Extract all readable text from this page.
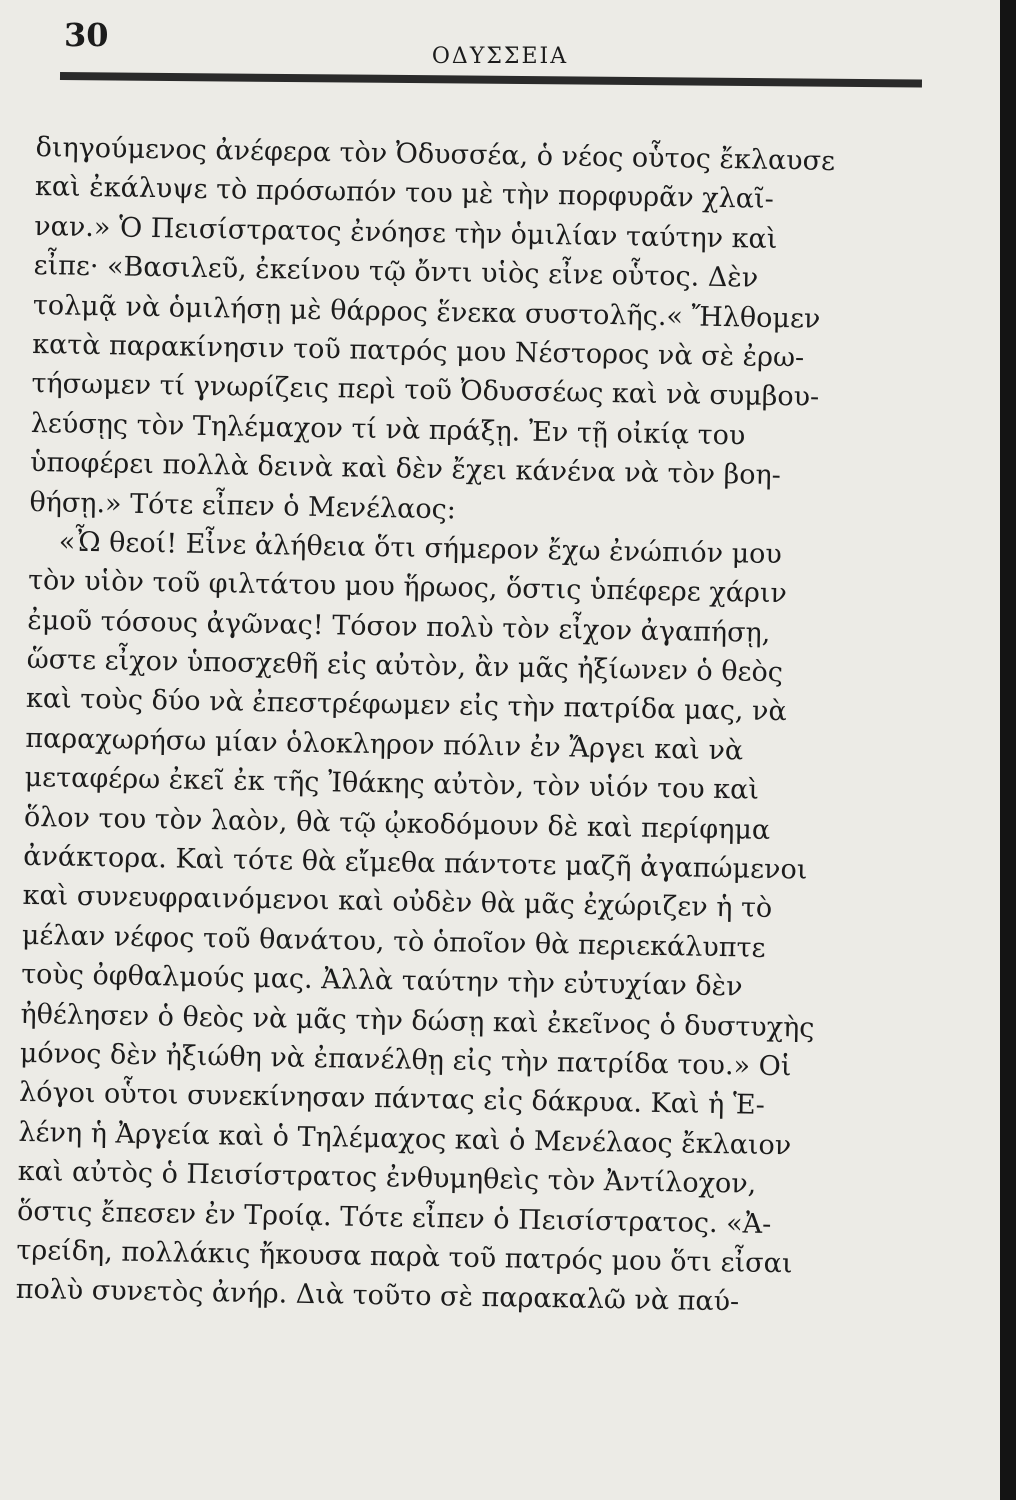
30
ΟΔΥΣΣΕΙΑ
διηγούμενος ἀνέφερα τὸν Ὀδυσσέα, ὁ νέος οὗτος ἔκλαυσε
καὶ ἐκάλυψε τὸ πρόσωπόν του μὲ τὴν πορφυρᾶν χλαῖ-
ναν.» Ὁ Πεισίστρατος ἐνόησε τὴν ὁμιλίαν ταύτην καὶ
εἶπε· «Βασιλεῦ, ἐκείνου τῷ ὄντι υἱὸς εἶνε οὗτος. Δὲν
τολμᾷ νὰ ὁμιλήσῃ μὲ θάρρος ἕνεκα συστολῆς.« Ἤλθομεν
κατὰ παρακίνησιν τοῦ πατρός μου Νέστορος νὰ σὲ ἐρω-
τήσωμεν τί γνωρίζεις περὶ τοῦ Ὀδυσσέως καὶ νὰ συμβου-
λεύσῃς τὸν Τηλέμαχον τί νὰ πράξῃ. Ἐν τῇ οἰκίᾳ του
ὑποφέρει πολλὰ δεινὰ καὶ δὲν ἔχει κάνένα νὰ τὸν βοη-
θήσῃ.» Τότε εἶπεν ὁ Μενέλαος:
«Ὦ θεοί! Εἶνε ἀλήθεια ὅτι σήμερον ἔχω ἐνώπιόν μου
τὸν υἱὸν τοῦ φιλτάτου μου ἥρωος, ὅστις ὑπέφερε χάριν
ἐμοῦ τόσους ἀγῶνας! Τόσον πολὺ τὸν εἶχον ἀγαπήσῃ,
ὥστε εἶχον ὑποσχεθῆ εἰς αὐτὸν, ἂν μᾶς ἠξίωνεν ὁ θεὸς
καὶ τοὺς δύο νὰ ἐπεστρέφωμεν εἰς τὴν πατρίδα μας, νὰ
παραχωρήσω μίαν ὁλοκληρον πόλιν ἐν Ἄργει καὶ νὰ
μεταφέρω ἐκεῖ ἐκ τῆς Ἰθάκης αὐτὸν, τὸν υἱόν του καὶ
ὅλον του τὸν λαὸν, θὰ τῷ ᾠκοδόμουν δὲ καὶ περίφημα
ἀνάκτορα. Καὶ τότε θὰ εἴμεθα πάντοτε μαζῆ ἀγαπώμενοι
καὶ συνευφραινόμενοι καὶ οὐδὲν θὰ μᾶς ἐχώριζεν ἡ τὸ
μέλαν νέφος τοῦ θανάτου, τὸ ὁποῖον θὰ περιεκάλυπτε
τοὺς ὀφθαλμούς μας. Ἀλλὰ ταύτην τὴν εὐτυχίαν δὲν
ἠθέλησεν ὁ θεὸς νὰ μᾶς τὴν δώσῃ καὶ ἐκεῖνος ὁ δυστυχὴς
μόνος δὲν ἠξιώθη νὰ ἐπανέλθῃ εἰς τὴν πατρίδα του.» Οἱ
λόγοι οὗτοι συνεκίνησαν πάντας εἰς δάκρυα. Καὶ ἡ Ἑ-
λένη ἡ Ἀργεία καὶ ὁ Τηλέμαχος καὶ ὁ Μενέλαος ἔκλαιον
καὶ αὐτὸς ὁ Πεισίστρατος ἐνθυμηθεὶς τὸν Ἀντίλοχον,
ὅστις ἔπεσεν ἐν Τροίᾳ. Τότε εἶπεν ὁ Πεισίστρατος. «Ἀ-
τρείδη, πολλάκις ἤκουσα παρὰ τοῦ πατρός μου ὅτι εἶσαι
πολὺ συνετὸς ἀνήρ. Διὰ τοῦτο σὲ παρακαλῶ νὰ παύ-
